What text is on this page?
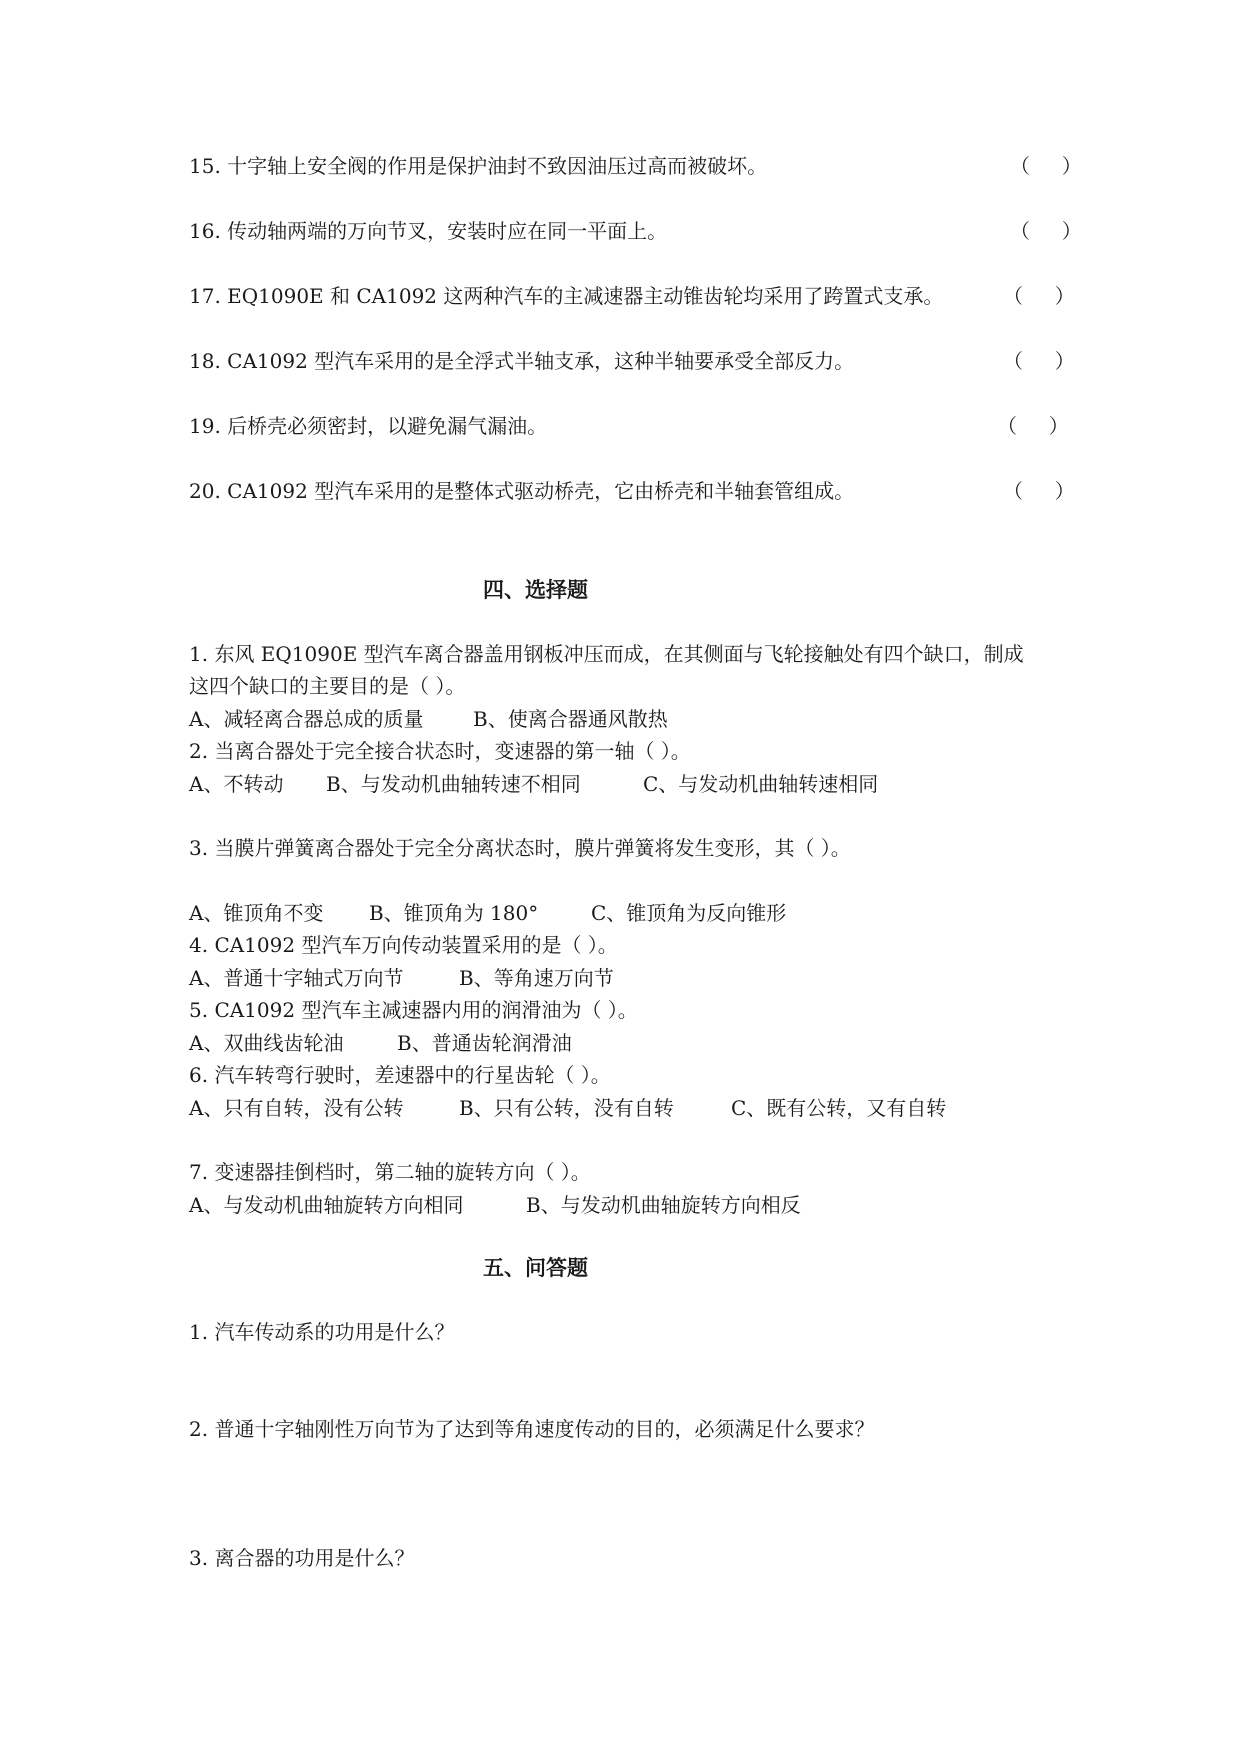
15. 十字轴上安全阀的作用是保护油封不致因油压过高而被破坏。	（     ）
16. 传动轴两端的万向节叉，安装时应在同一平面上。	（     ）
17. EQ1090E 和 CA1092 这两种汽车的主减速器主动锥齿轮均采用了跨置式支承。	（     ）
18. CA1092 型汽车采用的是全浮式半轴支承，这种半轴要承受全部反力。	（     ）
19. 后桥壳必须密封，以避免漏气漏油。	（     ）
20. CA1092 型汽车采用的是整体式驱动桥壳，它由桥壳和半轴套管组成。	（     ）
四、选择题
1. 东风 EQ1090E 型汽车离合器盖用钢板冲压而成，在其侧面与飞轮接触处有四个缺口，制成
这四个缺口的主要目的是（ ）。
A、减轻离合器总成的质量 B、使离合器通风散热
2. 当离合器处于完全接合状态时，变速器的第一轴（ ）。
A、不转动 B、与发动机曲轴转速不相同	C、与发动机曲轴转速相同
3. 当膜片弹簧离合器处于完全分离状态时，膜片弹簧将发生变形，其（ ）。
A、锥顶角不变 B、锥顶角为 180°	C、锥顶角为反向锥形
4. CA1092 型汽车万向传动装置采用的是（ ）。
A、普通十字轴式万向节	B、等角速万向节
5. CA1092 型汽车主减速器内用的润滑油为（ ）。
A、双曲线齿轮油	B、普通齿轮润滑油
6. 汽车转弯行驶时，差速器中的行星齿轮（ ）。
A、只有自转，没有公转	B、只有公转，没有自转	C、既有公转，又有自转
7. 变速器挂倒档时，第二轴的旋转方向（ ）。
A、与发动机曲轴旋转方向相同	B、与发动机曲轴旋转方向相反
五、问答题
1. 汽车传动系的功用是什么？
2. 普通十字轴刚性万向节为了达到等角速度传动的目的，必须满足什么要求？
3. 离合器的功用是什么？
